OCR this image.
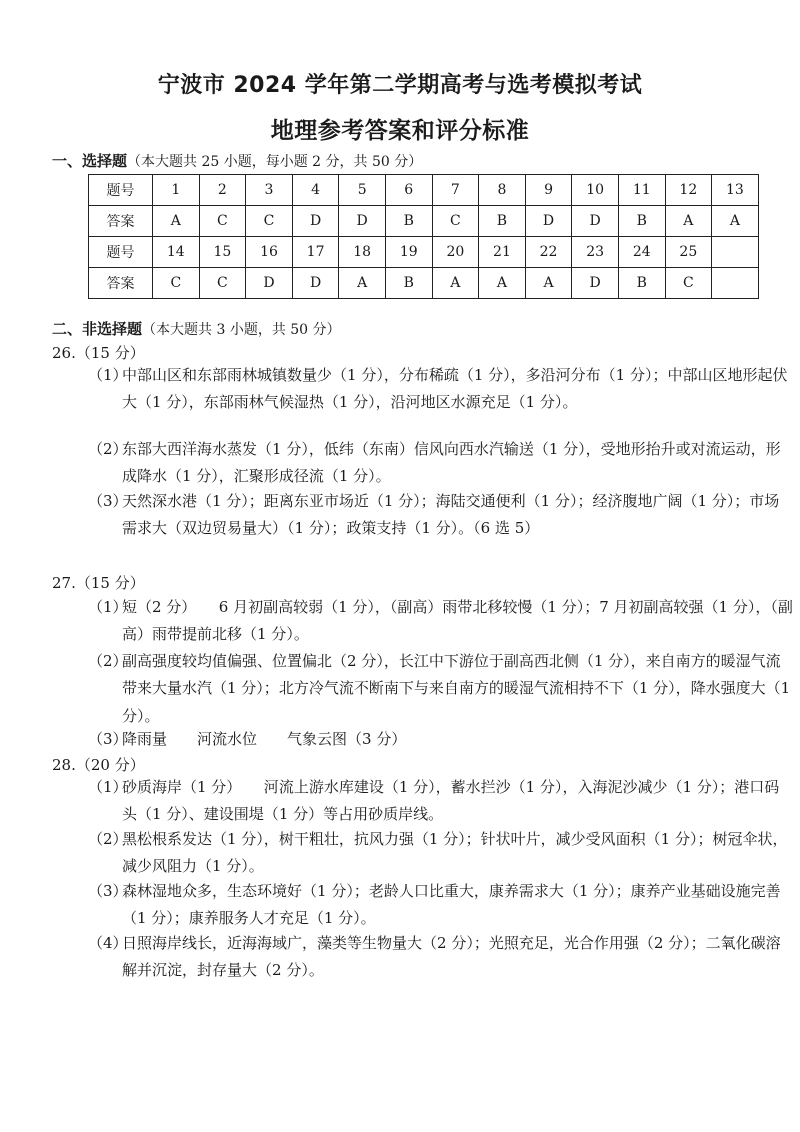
宁波市 2024 学年第二学期高考与选考模拟考试
地理参考答案和评分标准
一、选择题（本大题共 25 小题，每小题 2 分，共 50 分）
题号	1	2	3	4	5	6	7	8	9	10	11	12	13
答案	A	C	C	D	D	B	C	B	D	D	B	A	A
题号	14	15	16	17	18	19	20	21	22	23	24	25	
答案	C	C	D	D	A	B	A	A	A	D	B	C	
二、非选择题（本大题共 3 小题，共 50 分）
26.（15 分）
（1）中部山区和东部雨林城镇数量少（1 分），分布稀疏（1 分），多沿河分布（1 分）；中部山区地形起伏大（1 分），东部雨林气候湿热（1 分），沿河地区水源充足（1 分）。
（2）东部大西洋海水蒸发（1 分），低纬（东南）信风向西水汽输送（1 分），受地形抬升或对流运动，形成降水（1 分），汇聚形成径流（1 分）。
（3）天然深水港（1 分）；距离东亚市场近（1 分）；海陆交通便利（1 分）；经济腹地广阔（1 分）；市场需求大（双边贸易量大）（1 分）；政策支持（1 分）。（6 选 5）
27.（15 分）
（1）短（2 分）　　6 月初副高较弱（1 分），（副高）雨带北移较慢（1 分）；7 月初副高较强（1 分），（副高）雨带提前北移（1 分）。
（2）副高强度较均值偏强、位置偏北（2 分），长江中下游位于副高西北侧（1 分），来自南方的暖湿气流带来大量水汽（1 分）；北方冷气流不断南下与来自南方的暖湿气流相持不下（1 分），降水强度大（1 分）。
（3）降雨量　　河流水位　　气象云图（3 分）
28.（20 分）
（1）砂质海岸（1 分）　　河流上游水库建设（1 分），蓄水拦沙（1 分），入海泥沙减少（1 分）；港口码头（1 分）、建设围堤（1 分）等占用砂质岸线。
（2）黑松根系发达（1 分），树干粗壮，抗风力强（1 分）；针状叶片，减少受风面积（1 分）；树冠伞状，减少风阻力（1 分）。
（3）森林湿地众多，生态环境好（1 分）；老龄人口比重大，康养需求大（1 分）；康养产业基础设施完善（1 分）；康养服务人才充足（1 分）。
（4）日照海岸线长，近海海域广，藻类等生物量大（2 分）；光照充足，光合作用强（2 分）；二氧化碳溶解并沉淀，封存量大（2 分）。
